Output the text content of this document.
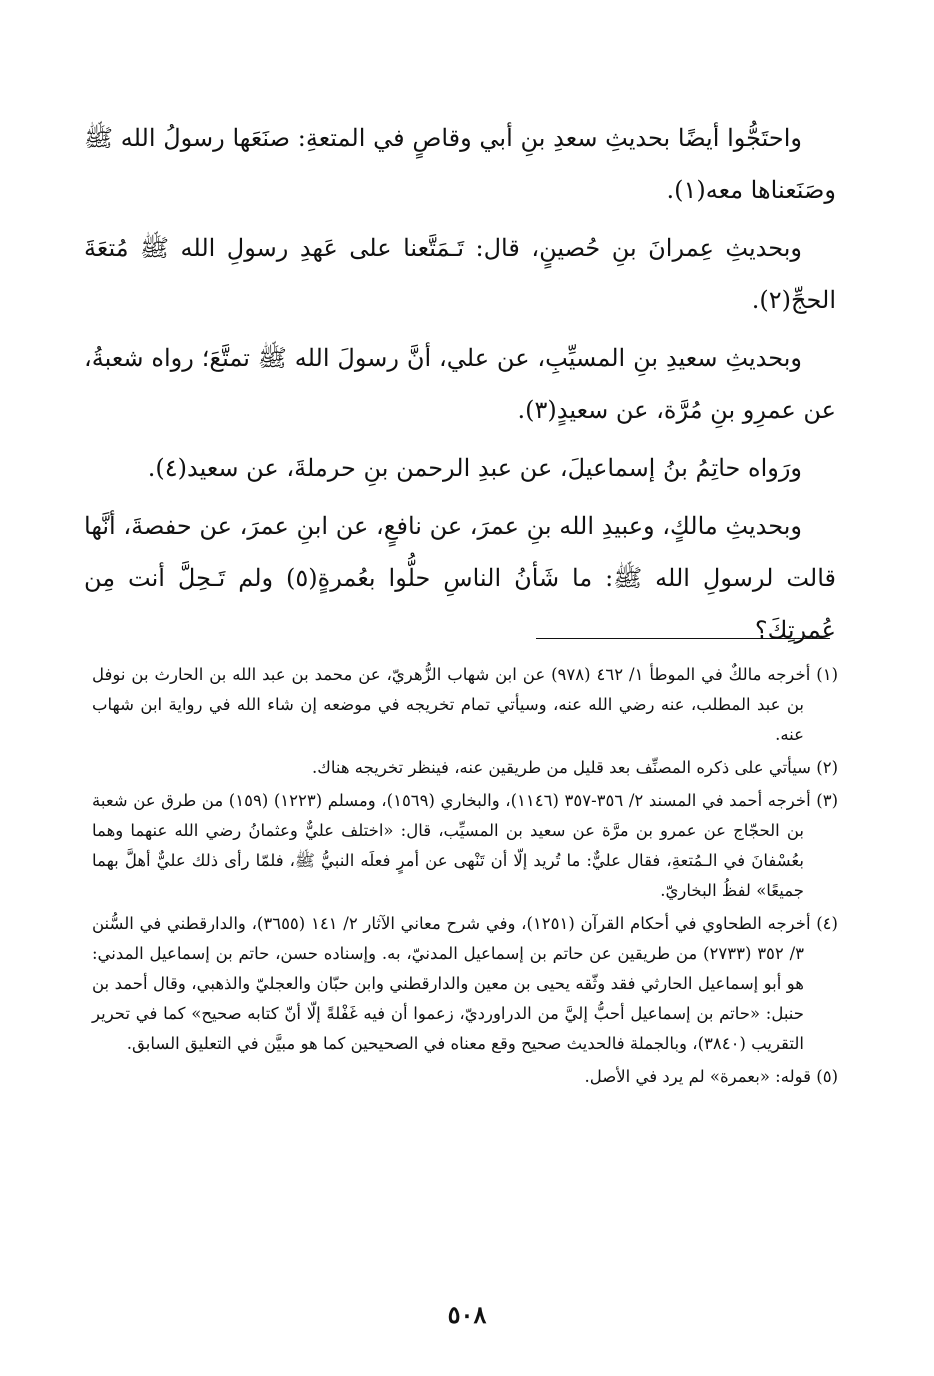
واحتَجُّوا أيضًا بحديثِ سعدِ بنِ أبي وقاصٍ في المتعةِ: صنَعَها رسولُ الله ﷺ وصَنَعناها معه(١).

وبحديثِ عِمرانَ بنِ حُصينٍ، قال: تَـمَتَّعنا على عَهدِ رسولِ الله ﷺ مُتعَةَ الحجِّ(٢).

وبحديثِ سعيدِ بنِ المسيِّبِ، عن علي، أنَّ رسولَ الله ﷺ تمتَّعَ؛ رواه شعبةُ، عن عمرِو بنِ مُرَّة، عن سعيدٍ(٣).

ورَواه حاتِمُ بنُ إسماعيلَ، عن عبدِ الرحمن بنِ حرملةَ، عن سعيد(٤).

وبحديثِ مالكٍ، وعبيدِ الله بنِ عمرَ، عن نافعٍ، عن ابنِ عمرَ، عن حفصةَ، أنَّها قالت لرسولِ الله ﷺ: ما شَأنُ الناسِ حلُّوا بعُمرةٍ(٥) ولم تَـحِلَّ أنت مِن عُمرتِكَ؟

(١) أخرجه مالكٌ في الموطأ ١/ ٤٦٢ (٩٧٨) عن ابن شهاب الزُّهريّ، عن محمد بن عبد الله بن الحارث بن نوفل بن عبد المطلب، عنه رضي الله عنه، وسيأتي تمام تخريجه في موضعه إن شاء الله في رواية ابن شهاب عنه.

(٢) سيأتي على ذكره المصنِّف بعد قليل من طريقين عنه، فينظر تخريجه هناك.

(٣) أخرجه أحمد في المسند ٢/ ٣٥٦-٣٥٧ (١١٤٦)، والبخاري (١٥٦٩)، ومسلم (١٢٢٣) (١٥٩) من طرق عن شعبة بن الحجّاج عن عمرو بن مرَّة عن سعيد بن المسيِّب، قال: «اختلف عليٌّ وعثمانُ رضي الله عنهما وهما بعُسْفانَ في الـمُتعةِ، فقال عليٌّ: ما تُريد إلّا أن تَنْهى عن أمرٍ فعلَه النبيُّ ﷺ، فلمّا رأى ذلك عليٌّ أهلَّ بهما جميعًا» لفظُ البخاريّ.

(٤) أخرجه الطحاوي في أحكام القرآن (١٢٥١)، وفي شرح معاني الآثار ٢/ ١٤١ (٣٦٥٥)، والدارقطني في السُّنن ٣/ ٣٥٢ (٢٧٣٣) من طريقين عن حاتم بن إسماعيل المدنيّ، به. وإسناده حسن، حاتم بن إسماعيل المدني: هو أبو إسماعيل الحارثي فقد وثّقه يحيى بن معين والدارقطني وابن حبّان والعجليّ والذهبي، وقال أحمد بن حنبل: «حاتم بن إسماعيل أحبُّ إليَّ من الدراورديّ، زعموا أن فيه غَفْلةً إلّا أنّ كتابه صحيح» كما في تحرير التقريب (٣٨٤٠)، وبالجملة فالحديث صحيح وقع معناه في الصحيحين كما هو مبيَّن في التعليق السابق.

(٥) قوله: «بعمرة» لم يرد في الأصل.

٥٠٨
